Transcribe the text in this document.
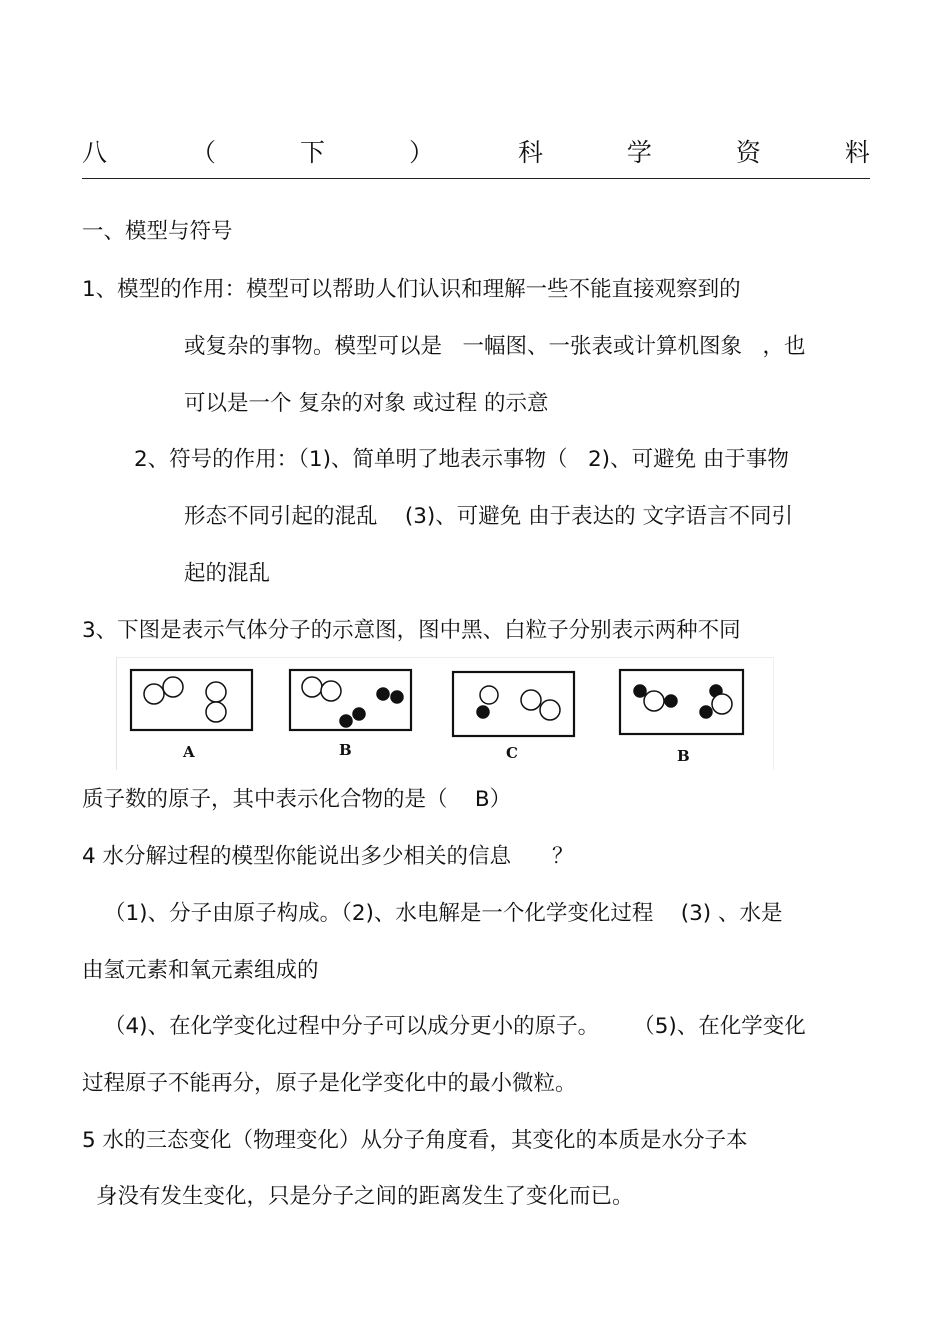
八	（	下	）	科	学	资	料
一、模型与符号
1、模型的作用：模型可以帮助人们认识和理解一些不能直接观察到的
或复杂的事物。模型可以是   一幅图、一张表或计算机图象   ，也
可以是一个 复杂的对象 或过程 的示意
2、符号的作用：（1)、简单明了地表示事物（   2)、可避免 由于事物
形态不同引起的混乱    (3)、可避免 由于表达的 文字语言不同引
起的混乱
3、下图是表示气体分子的示意图，图中黑、白粒子分别表示两种不同
A	B	C	B
质子数的原子，其中表示化合物的是（    B）
4 水分解过程的模型你能说出多少相关的信息      ？
（1)、分子由原子构成。（2)、水电解是一个化学变化过程    (3) 、水是
由氢元素和氧元素组成的
（4)、在化学变化过程中分子可以成分更小的原子。     （5)、在化学变化
过程原子不能再分，原子是化学变化中的最小微粒。
5 水的三态变化（物理变化）从分子角度看，其变化的本质是水分子本
身没有发生变化，只是分子之间的距离发生了变化而已。
